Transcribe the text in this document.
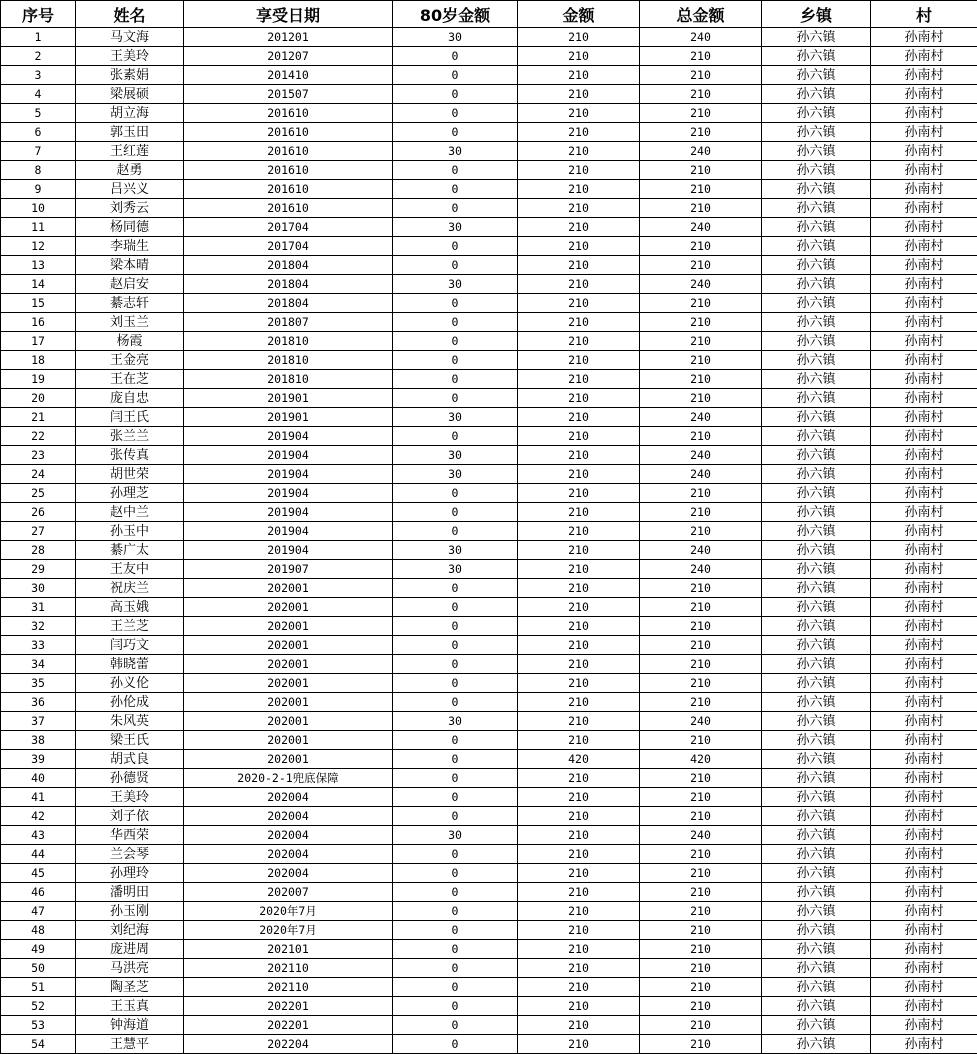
序号	姓名	享受日期	80岁金额	金额	总金额	乡镇	村
1	马文海	201201	30	210	240	孙六镇	孙南村
2	王美玲	201207	0	210	210	孙六镇	孙南村
3	张素娟	201410	0	210	210	孙六镇	孙南村
4	梁展硕	201507	0	210	210	孙六镇	孙南村
5	胡立海	201610	0	210	210	孙六镇	孙南村
6	郭玉田	201610	0	210	210	孙六镇	孙南村
7	王红莲	201610	30	210	240	孙六镇	孙南村
8	赵勇	201610	0	210	210	孙六镇	孙南村
9	吕兴义	201610	0	210	210	孙六镇	孙南村
10	刘秀云	201610	0	210	210	孙六镇	孙南村
11	杨同德	201704	30	210	240	孙六镇	孙南村
12	李瑞生	201704	0	210	210	孙六镇	孙南村
13	梁本晴	201804	0	210	210	孙六镇	孙南村
14	赵启安	201804	30	210	240	孙六镇	孙南村
15	綦志轩	201804	0	210	210	孙六镇	孙南村
16	刘玉兰	201807	0	210	210	孙六镇	孙南村
17	杨霞	201810	0	210	210	孙六镇	孙南村
18	王金亮	201810	0	210	210	孙六镇	孙南村
19	王在芝	201810	0	210	210	孙六镇	孙南村
20	庞自忠	201901	0	210	210	孙六镇	孙南村
21	闫王氏	201901	30	210	240	孙六镇	孙南村
22	张兰兰	201904	0	210	210	孙六镇	孙南村
23	张传真	201904	30	210	240	孙六镇	孙南村
24	胡世荣	201904	30	210	240	孙六镇	孙南村
25	孙理芝	201904	0	210	210	孙六镇	孙南村
26	赵中兰	201904	0	210	210	孙六镇	孙南村
27	孙玉中	201904	0	210	210	孙六镇	孙南村
28	綦广太	201904	30	210	240	孙六镇	孙南村
29	王友中	201907	30	210	240	孙六镇	孙南村
30	祝庆兰	202001	0	210	210	孙六镇	孙南村
31	高玉娥	202001	0	210	210	孙六镇	孙南村
32	王兰芝	202001	0	210	210	孙六镇	孙南村
33	闫巧文	202001	0	210	210	孙六镇	孙南村
34	韩晓蕾	202001	0	210	210	孙六镇	孙南村
35	孙义伦	202001	0	210	210	孙六镇	孙南村
36	孙伦成	202001	0	210	210	孙六镇	孙南村
37	朱风英	202001	30	210	240	孙六镇	孙南村
38	梁王氏	202001	0	210	210	孙六镇	孙南村
39	胡式良	202001	0	420	420	孙六镇	孙南村
40	孙德贤	2020-2-1兜底保障	0	210	210	孙六镇	孙南村
41	王美玲	202004	0	210	210	孙六镇	孙南村
42	刘子依	202004	0	210	210	孙六镇	孙南村
43	华西荣	202004	30	210	240	孙六镇	孙南村
44	兰会琴	202004	0	210	210	孙六镇	孙南村
45	孙理玲	202004	0	210	210	孙六镇	孙南村
46	潘明田	202007	0	210	210	孙六镇	孙南村
47	孙玉刚	2020年7月	0	210	210	孙六镇	孙南村
48	刘纪海	2020年7月	0	210	210	孙六镇	孙南村
49	庞进周	202101	0	210	210	孙六镇	孙南村
50	马洪亮	202110	0	210	210	孙六镇	孙南村
51	陶圣芝	202110	0	210	210	孙六镇	孙南村
52	王玉真	202201	0	210	210	孙六镇	孙南村
53	钟海道	202201	0	210	210	孙六镇	孙南村
54	王慧平	202204	0	210	210	孙六镇	孙南村
